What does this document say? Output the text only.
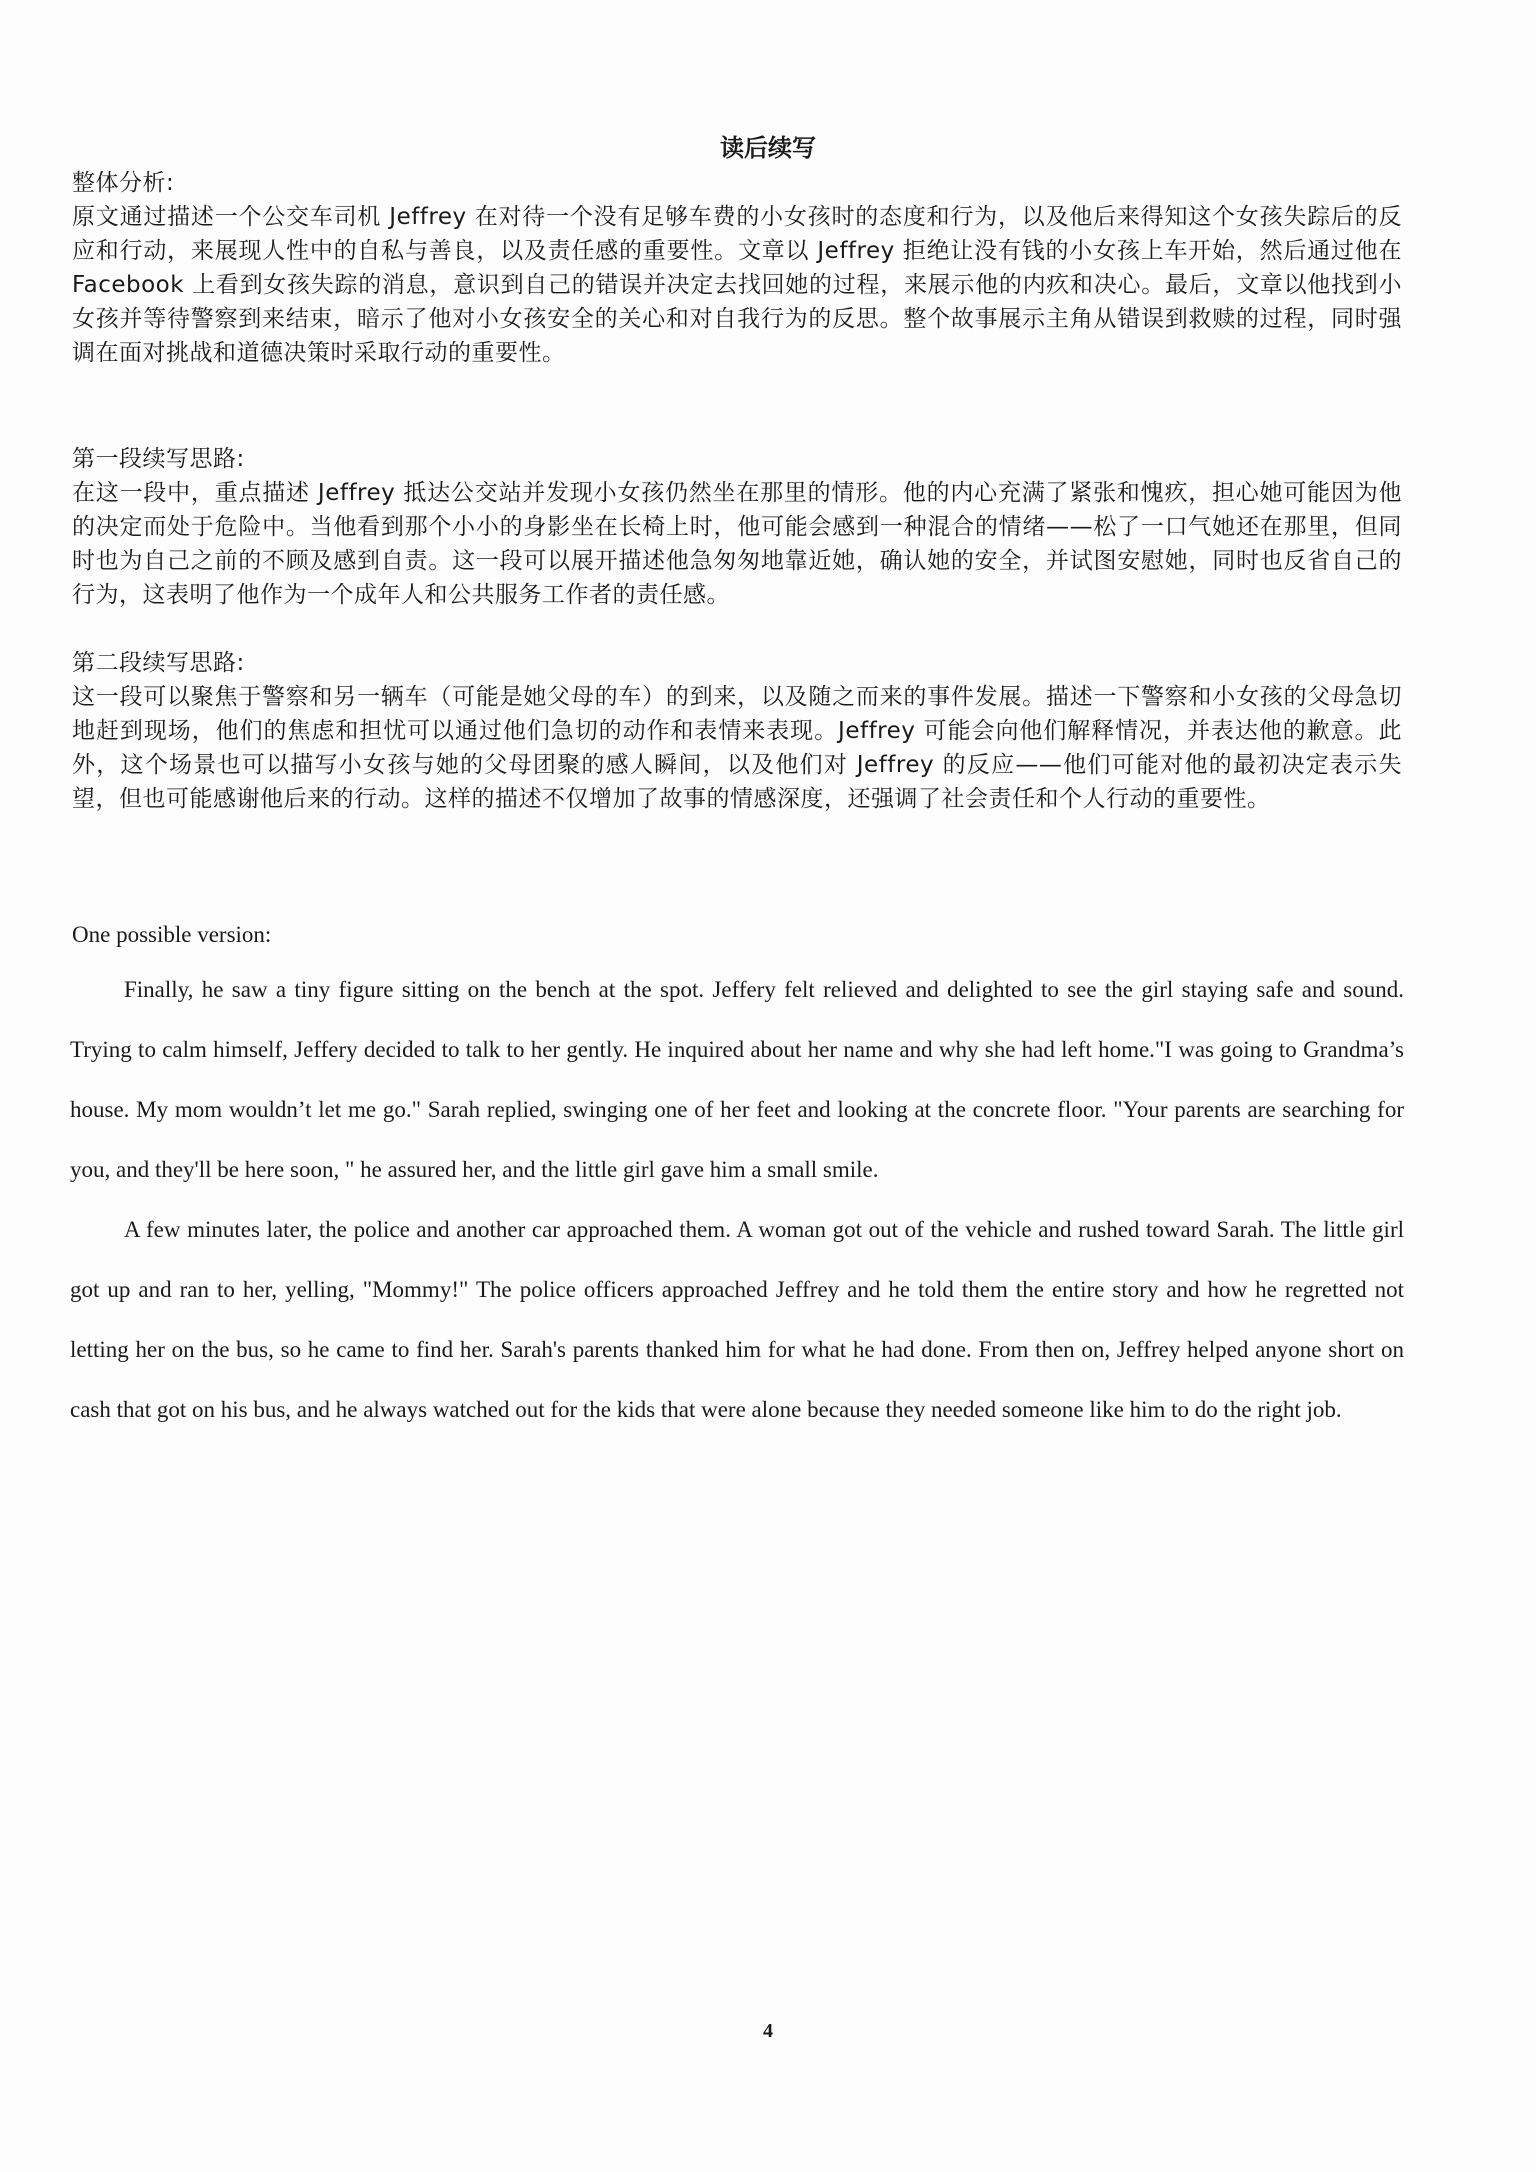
读后续写
整体分析:
原文通过描述一个公交车司机 Jeffrey 在对待一个没有足够车费的小女孩时的态度和行为，以及他后来得知这个女孩失踪后的反应和行动，来展现人性中的自私与善良，以及责任感的重要性。文章以 Jeffrey 拒绝让没有钱的小女孩上车开始，然后通过他在 Facebook 上看到女孩失踪的消息，意识到自己的错误并决定去找回她的过程，来展示他的内疚和决心。最后，文章以他找到小女孩并等待警察到来结束，暗示了他对小女孩安全的关心和对自我行为的反思。整个故事展示主角从错误到救赎的过程，同时强调在面对挑战和道德决策时采取行动的重要性。
第一段续写思路:
在这一段中，重点描述 Jeffrey 抵达公交站并发现小女孩仍然坐在那里的情形。他的内心充满了紧张和愧疚，担心她可能因为他的决定而处于危险中。当他看到那个小小的身影坐在长椅上时，他可能会感到一种混合的情绪——松了一口气她还在那里，但同时也为自己之前的不顾及感到自责。这一段可以展开描述他急匆匆地靠近她，确认她的安全，并试图安慰她，同时也反省自己的行为，这表明了他作为一个成年人和公共服务工作者的责任感。
第二段续写思路:
这一段可以聚焦于警察和另一辆车（可能是她父母的车）的到来，以及随之而来的事件发展。描述一下警察和小女孩的父母急切地赶到现场，他们的焦虑和担忧可以通过他们急切的动作和表情来表现。Jeffrey 可能会向他们解释情况，并表达他的歉意。此外，这个场景也可以描写小女孩与她的父母团聚的感人瞬间，以及他们对 Jeffrey 的反应——他们可能对他的最初决定表示失望，但也可能感谢他后来的行动。这样的描述不仅增加了故事的情感深度，还强调了社会责任和个人行动的重要性。
One possible version:
Finally, he saw a tiny figure sitting on the bench at the spot. Jeffery felt relieved and delighted to see the girl staying safe and sound. Trying to calm himself, Jeffery decided to talk to her gently. He inquired about her name and why she had left home."I was going to Grandma’s house. My mom wouldn’t let me go." Sarah replied, swinging one of her feet and looking at the concrete floor. "Your parents are searching for you, and they'll be here soon, " he assured her, and the little girl gave him a small smile.
A few minutes later, the police and another car approached them. A woman got out of the vehicle and rushed toward Sarah. The little girl got up and ran to her, yelling, "Mommy!" The police officers approached Jeffrey and he told them the entire story and how he regretted not letting her on the bus, so he came to find her. Sarah's parents thanked him for what he had done. From then on, Jeffrey helped anyone short on cash that got on his bus, and he always watched out for the kids that were alone because they needed someone like him to do the right job.
4
